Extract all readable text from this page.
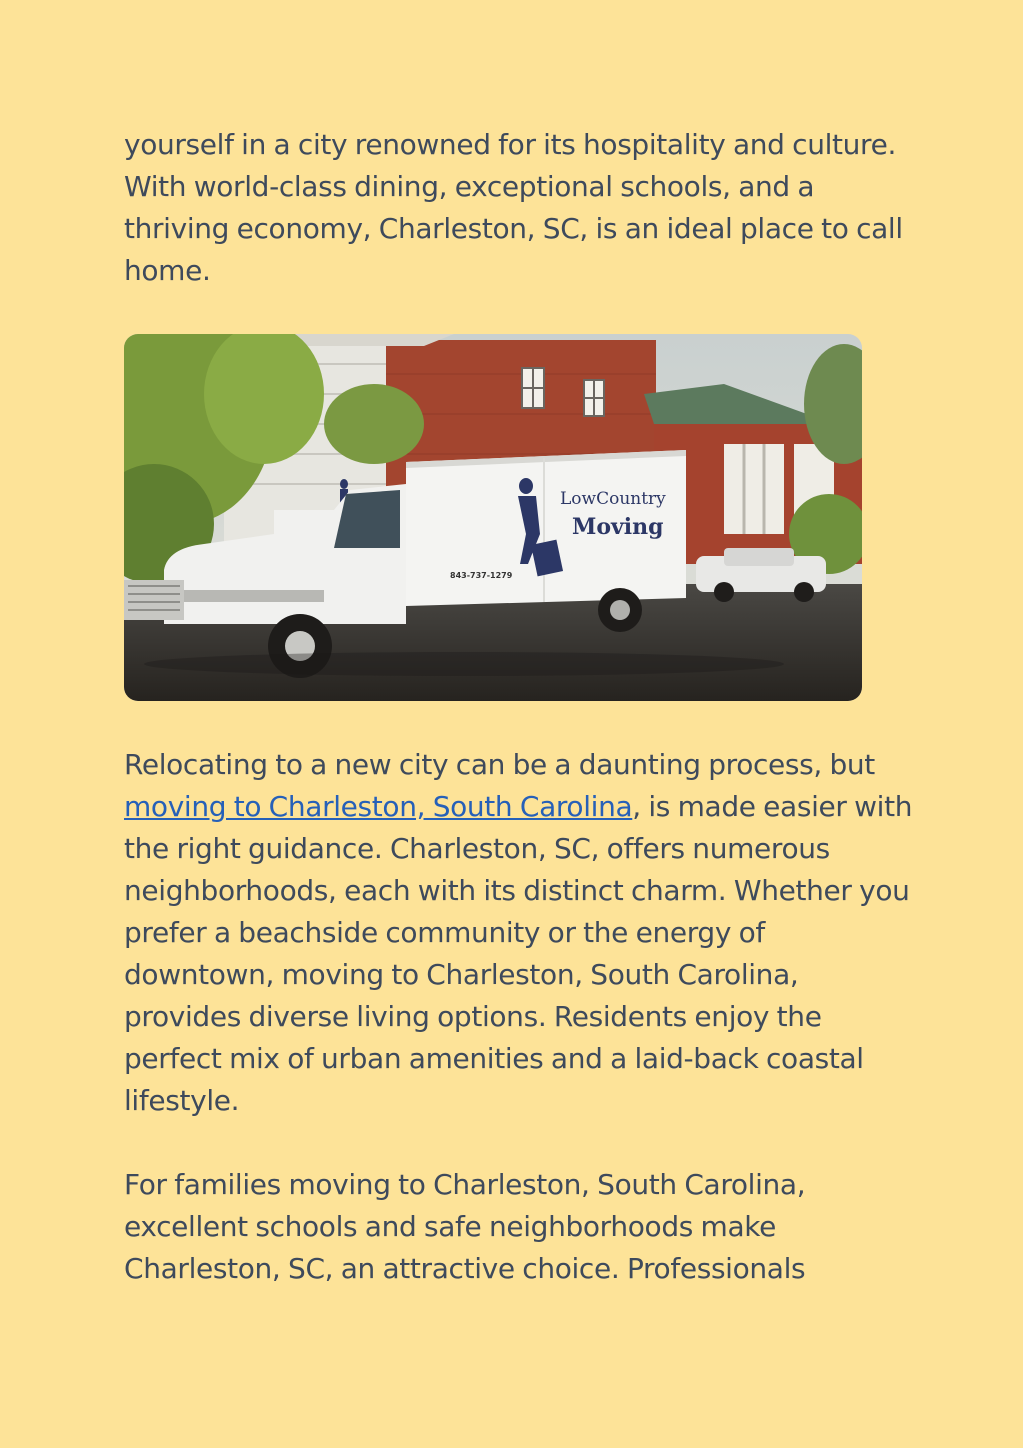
yourself in a city renowned for its hospitality and culture. With world-class dining, exceptional schools, and a thriving economy, Charleston, SC, is an ideal place to call home.

LowCountry
Moving
843-737-1279

Relocating to a new city can be a daunting process, but moving to Charleston, South Carolina, is made easier with the right guidance. Charleston, SC, offers numerous neighborhoods, each with its distinct charm. Whether you prefer a beachside community or the energy of downtown, moving to Charleston, South Carolina, provides diverse living options. Residents enjoy the perfect mix of urban amenities and a laid-back coastal lifestyle.

For families moving to Charleston, South Carolina, excellent schools and safe neighborhoods make Charleston, SC, an attractive choice. Professionals
